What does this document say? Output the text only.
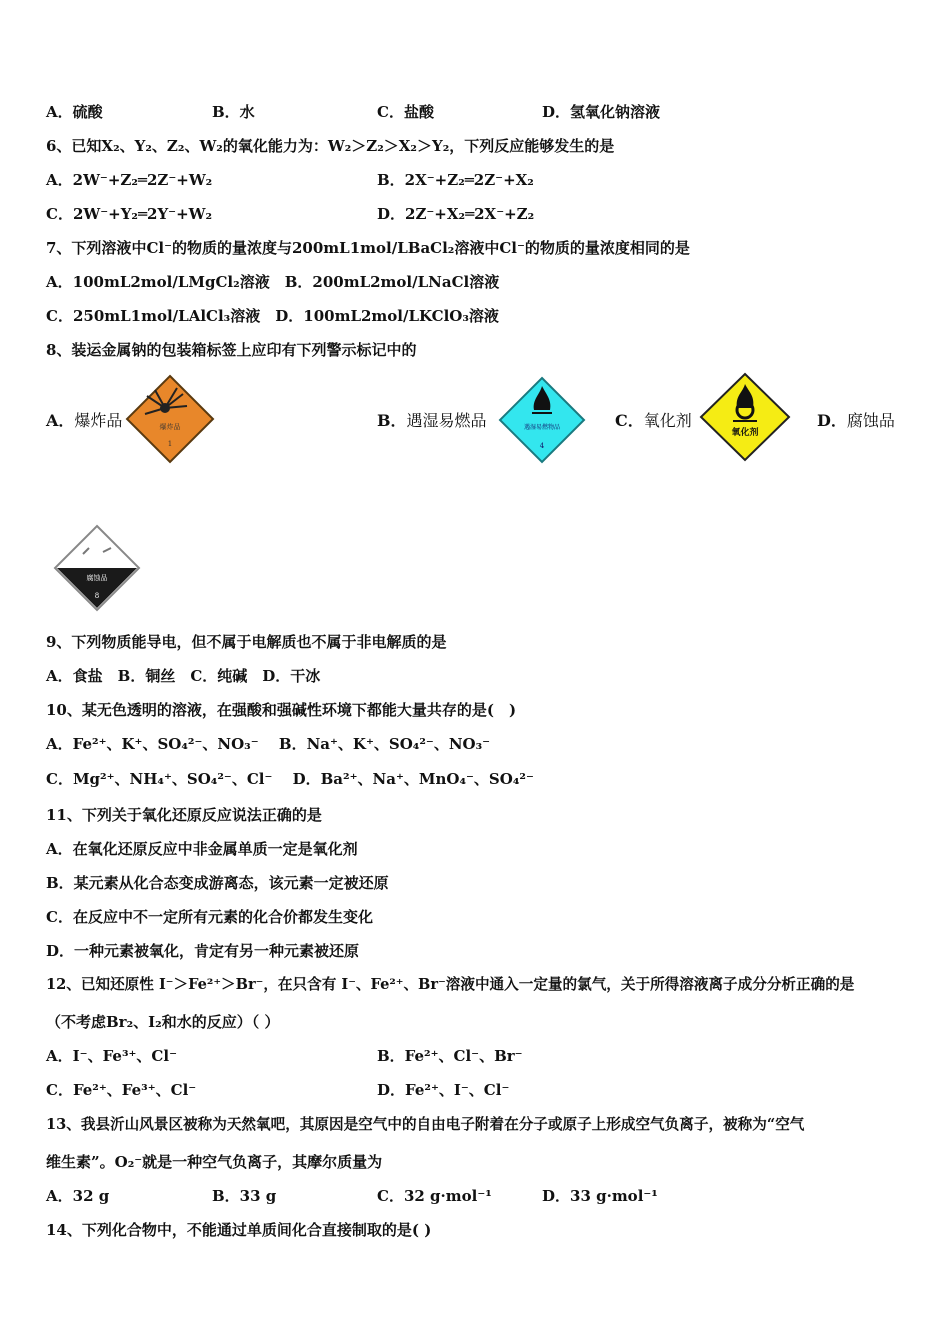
A．硫酸	B．水	C．盐酸	D．氢氧化钠溶液
6、已知X₂、Y₂、Z₂、W₂的氧化能力为：W₂＞Z₂＞X₂＞Y₂，下列反应能够发生的是
A．2W⁻+Z₂═2Z⁻+W₂	B．2X⁻+Z₂═2Z⁻+X₂
C．2W⁻+Y₂═2Y⁻+W₂	D．2Z⁻+X₂═2X⁻+Z₂
7、下列溶液中Cl⁻的物质的量浓度与200mL1mol/LBaCl₂溶液中Cl⁻的物质的量浓度相同的是
A．100mL2mol/LMgCl₂溶液　B．200mL2mol/LNaCl溶液
C．250mL1mol/LAlCl₃溶液　D．100mL2mol/LKClO₃溶液
8、装运金属钠的包装箱标签上应印有下列警示标记中的
A．爆炸品	爆炸品
1
B．遇湿易燃品	遇湿易燃物品
4
C．氧化剂
氧化剂
D．腐蚀品
腐蚀品
8
9、下列物质能导电，但不属于电解质也不属于非电解质的是
A．食盐　B．铜丝　C．纯碱　D．干冰
10、某无色透明的溶液，在强酸和强碱性环境下都能大量共存的是(　)
A．Fe²⁺、K⁺、SO₄²⁻、NO₃⁻　 B．Na⁺、K⁺、SO₄²⁻、NO₃⁻
C．Mg²⁺、NH₄⁺、SO₄²⁻、Cl⁻　 D．Ba²⁺、Na⁺、MnO₄⁻、SO₄²⁻
11、下列关于氧化还原反应说法正确的是
A．在氧化还原反应中非金属单质一定是氧化剂
B．某元素从化合态变成游离态，该元素一定被还原
C．在反应中不一定所有元素的化合价都发生变化
D．一种元素被氧化，肯定有另一种元素被还原
12、已知还原性 I⁻＞Fe²⁺＞Br⁻，在只含有 I⁻、Fe²⁺、Br⁻溶液中通入一定量的氯气，关于所得溶液离子成分分析正确的是
（不考虑Br₂、I₂和水的反应）（ ）
A．I⁻、Fe³⁺、Cl⁻	B．Fe²⁺、Cl⁻、Br⁻
C．Fe²⁺、Fe³⁺、Cl⁻	D．Fe²⁺、I⁻、Cl⁻
13、我县沂山风景区被称为天然氧吧，其原因是空气中的自由电子附着在分子或原子上形成空气负离子，被称为“空气
维生素”。O₂⁻就是一种空气负离子，其摩尔质量为
A．32 g	B．33 g	C．32 g·mol⁻¹	D．33 g·mol⁻¹
14、下列化合物中，不能通过单质间化合直接制取的是( )
